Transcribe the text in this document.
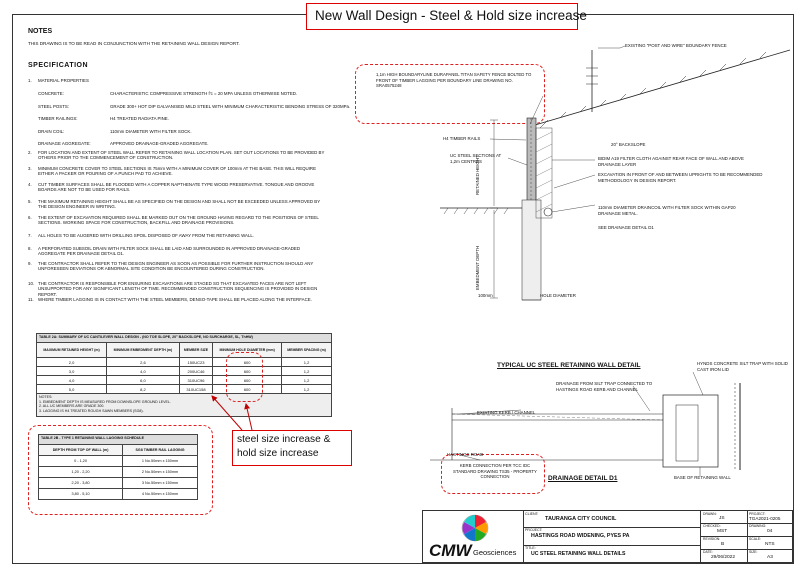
New Wall Design - Steel & Hold size increase
NOTES
THIS DRAWING IS TO BE READ IN CONJUNCTION WITH THE RETAINING WALL DESIGN REPORT.
SPECIFICATION
1. MATERIAL PROPERTIES
2. FOR LOCATION AND EXTENT OF STEEL WALL REFER TO RETAINING WALL LOCATION PLAN. SET OUT LOCATIONS TO BE PROVIDED BY OTHERS PRIOR TO THE COMMENCEMENT OF CONSTRUCTION.
3. MINIMUM CONCRETE COVER TO STEEL SECTIONS IS 75mm WITH A MINIMUM COVER OF 100mm AT THE BASE. THIS WILL REQUIRE EITHER A PACKER OR POURING OF A PUNCH PAD TO ACHIEVE.
4. CUT TIMBER SURFACES SHALL BE FLOODED WITH A COPPER NAPTHENATE TYPE WOOD PRESERVATIVE. TONGUE AND GROOVE BOARDS ARE NOT TO BE USED FOR RAILS.
5. THE MAXIMUM RETAINING HEIGHT SHALL BE AS SPECIFIED ON THE DESIGN AND SHALL NOT BE EXCEEDED UNLESS APPROVED BY THE DESIGN ENGINEER IN WRITING.
6. THE EXTENT OF EXCAVATION REQUIRED SHALL BE MARKED OUT ON THE GROUND HAVING REGARD TO THE POSITIONS OF STEEL SECTIONS. WORKING SPACE FOR CONSTRUCTION, BACKFILL AND DRAINAGE PROVISIONS.
7. ALL HOLES TO BE AUGERED WITH DRILLING SPOIL DISPOSED OF AWAY FROM THE RETAINING WALL.
8. A PERFORATED SUBSOIL DRAIN WITH FILTER SOCK SHALL BE LAID AND SURROUNDED IN APPROVED DRAINAGE-GRADED AGGREGATE PER DRAINAGE DETAIL D1.
9. THE CONTRACTOR SHALL REFER TO THE DESIGN ENGINEER AS SOON AS POSSIBLE FOR FURTHER INSTRUCTION SHOULD ANY UNFORESEEN DEVIATIONS OR ABNORMAL SITE CONDITION BE ENCOUNTERED DURING CONSTRUCTION.
10. THE CONTRACTOR IS RESPONSIBLE FOR ENSURING EXCAVATIONS ARE STAGED SO THAT EXCAVATED FACES ARE NOT LEFT UNSUPPORTED FOR ANY SIGNIFICANT LENGTH OF TIME. RECOMMENDED CONSTRUCTION SEQUENCING IS PROVIDED IN DESIGN REPORT.
11. WHERE TIMBER LAGGING IS IN CONTACT WITH THE STEEL MEMBERS, DENSO-TAPE SHALL BE PLACED ALONG THE INTERFACE.
CONCRETE:	CHARACTERISTIC COMPRESSIVE STRENGTH f'c = 20 MPA UNLESS OTHERWISE NOTED.
STEEL POSTS:	GRADE 300+ HOT DIP GALVANISED MILD STEEL WITH MINIMUM CHARACTERISTIC BENDING STRESS OF 320MPa.
TIMBER RAILINGS:	H4 TREATED RADIATA PINE.
DRAIN COIL:	110mm DIAMETER WITH FILTER SOCK.
DRAINAGE AGGREGATE:	APPROVED DRAINAGE-GRADED AGGREGATE.
TABLE 2A: SUMMARY OF UC CANTILEVER WALL DESIGN - (NO TOE SLOPE, 20° BACKSLOPE, NO SURCHARGE, SL, ThHW)
MAXIMUM RETAINED HEIGHT (m)	MINIMUM EMBEDMENT DEPTH (m)	MEMBER SIZE	MINIMUM HOLE DIAMETER (mm)	MEMBER SPACING (m)
2,0	2,6	150UC23	600	1,2
3,0	4,0	200UC46	600	1,2
4,0	6,0	310UC96	600	1,2
5,0	8,2	310UC158	600	1,2
NOTES:
1. EMBEDMENT DEPTH IS MEASURED FROM DOWNSLOPE GROUND LEVEL.
2. ALL UC MEMBERS ARE GRADE 300.
3. LAGGING IS H4 TREATED ROUGH SAWN MEMBERS (SG8).
TABLE 2B - TYPE 1 RETAINING WALL LAGGING SCHEDULE
DEPTH FROM TOP OF WALL (m)	SG8 TIMBER RAIL LAGGING
0 - 1,20	1 No.50mm x 150mm
1,20 - 2,20	2 No.50mm x 150mm
2,20 - 3,80	3 No.50mm x 150mm
3,80 - 5,10	4 No.50mm x 150mm
steel size increase & hold size increase
EXISTING "POST AND WIRE" BOUNDARY FENCE
1,1m HIGH BOUNDARYLINE DURAPANEL TITAN SAFETY FENCE BOLTED TO FRONT OF TIMBER LAGGING PER BOUNDARY LINE DRAWING NO. SRA0575248
H4 TIMBER RAILS
20° BACKSLOPE
UC STEEL SECTIONS AT 1,2m CENTRES	BIDIM A19 FILTER CLOTH AGAINST REAR FACE OF WALL AND ABOVE DRAINAGE LAYER
EXCAVATION IN FRONT OF AND BETWEEN UPRIGHTS TO BE RECOMMENDED METHODOLOGY IN DESIGN REPORT.
RETAINED HEIGHT
EMBEDMENT DEPTH
110mm DIAMETER DRAINCOIL WITH FILTER SOCK WITHIN GAP20 DRAINAGE METAL.
SEE DRAINAGE DETAIL D1
100mm	HOLE DIAMETER
TYPICAL UC STEEL RETAINING WALL DETAIL	HYNDS CONCRETE SILT TRAP WITH SOLID CAST IRON LID
DRAINAGE FROM SILT TRAP CONNECTED TO HASTINGS ROAD KERB AND CHANNEL
EXISTING KERB / CHANNEL
HASTINGS ROAD
KERB CONNECTION PER TCC IDC STANDARD DRAWING TS35 - PROPERTY CONNECTION	BASE OF RETAINING WALL
DRAINAGE DETAIL D1
CMW Geosciences
CLIENT:
TAURANGA CITY COUNCIL
PROJECT:
HASTINGS ROAD WIDENING, PYES PA
TITLE:
UC STEEL RETAINING WALL DETAILS
DRAWN:
JS
PROJECT:
TGA2021-0205
CHECKED:
MST
DRAWING:
04
REVISION:
B
SCALE:
NTS
DATE:
29/06/2022
SIZE:
A3
